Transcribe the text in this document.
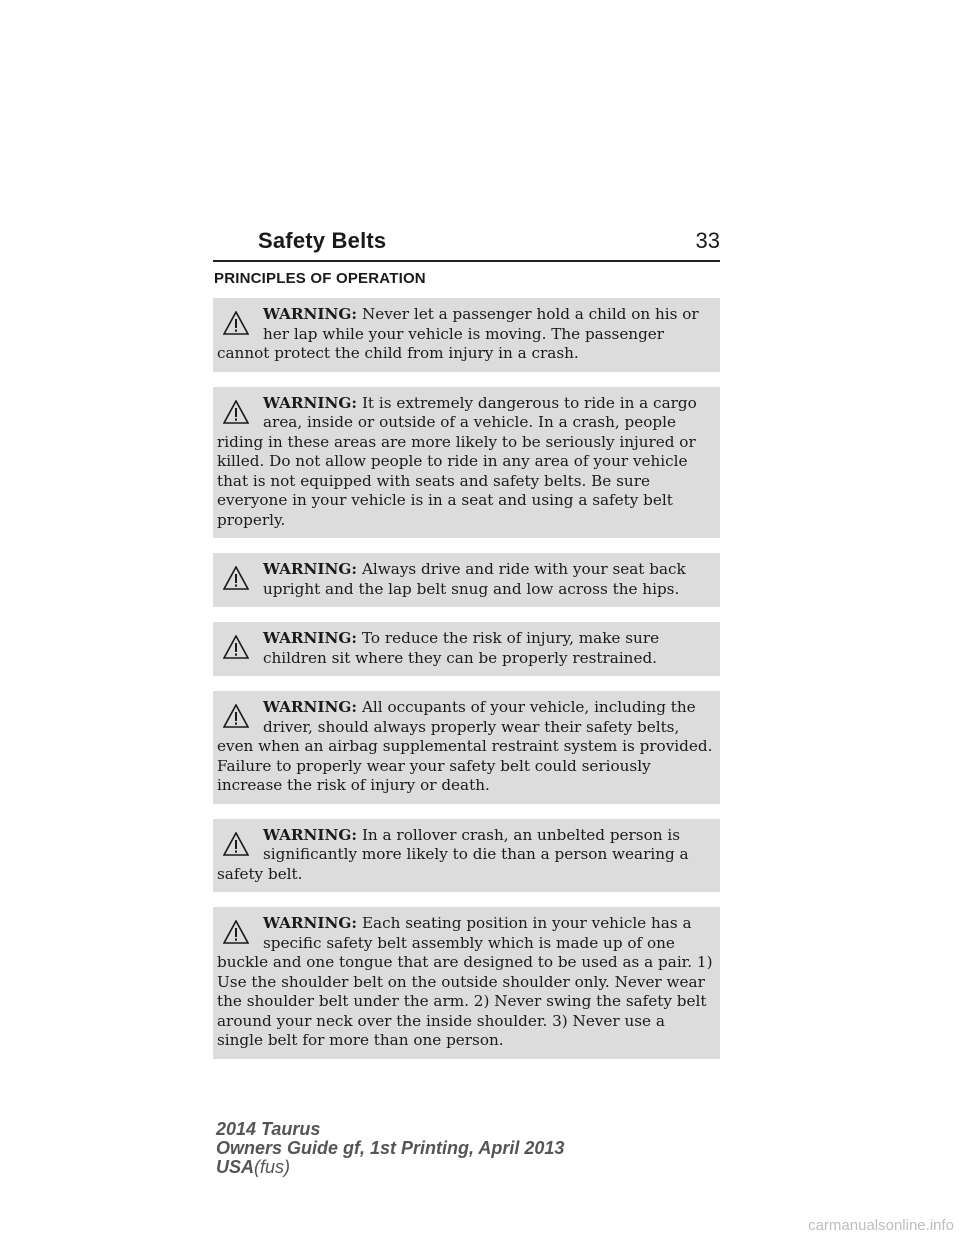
Safety Belts	33
PRINCIPLES OF OPERATION
WARNING: Never let a passenger hold a child on his or her lap while your vehicle is moving. The passenger cannot protect the child from injury in a crash.
WARNING: It is extremely dangerous to ride in a cargo area, inside or outside of a vehicle. In a crash, people riding in these areas are more likely to be seriously injured or killed. Do not allow people to ride in any area of your vehicle that is not equipped with seats and safety belts. Be sure everyone in your vehicle is in a seat and using a safety belt properly.
WARNING: Always drive and ride with your seat back upright and the lap belt snug and low across the hips.
WARNING: To reduce the risk of injury, make sure children sit where they can be properly restrained.
WARNING: All occupants of your vehicle, including the driver, should always properly wear their safety belts, even when an airbag supplemental restraint system is provided. Failure to properly wear your safety belt could seriously increase the risk of injury or death.
WARNING: In a rollover crash, an unbelted person is significantly more likely to die than a person wearing a safety belt.
WARNING: Each seating position in your vehicle has a specific safety belt assembly which is made up of one buckle and one tongue that are designed to be used as a pair. 1) Use the shoulder belt on the outside shoulder only. Never wear the shoulder belt under the arm. 2) Never swing the safety belt around your neck over the inside shoulder. 3) Never use a single belt for more than one person.
2014 Taurus
Owners Guide gf, 1st Printing, April 2013
USA(fus)
carmanualsonline.info
